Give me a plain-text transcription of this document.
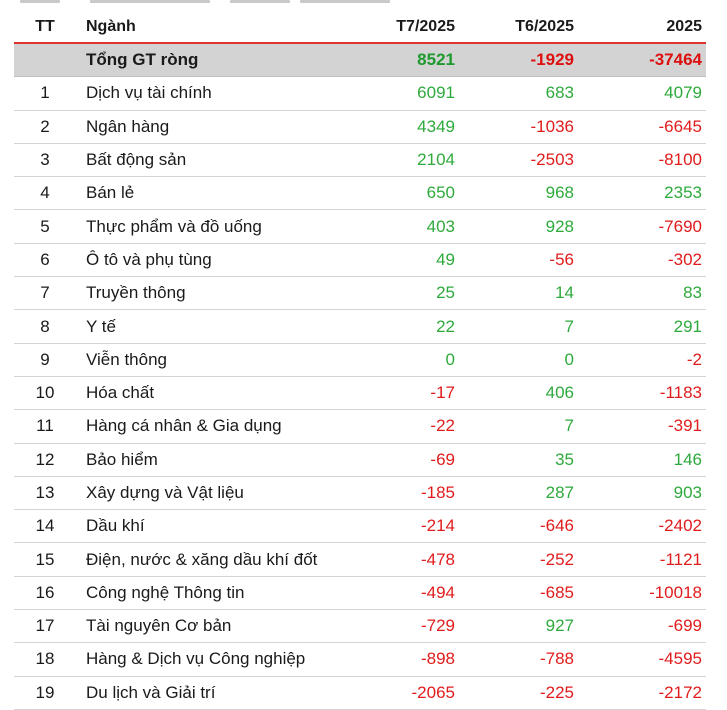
TT	Ngành	T7/2025	T6/2025	2025
	Tổng GT ròng	8521	-1929	-37464
1	Dịch vụ tài chính	6091	683	4079
2	Ngân hàng	4349	-1036	-6645
3	Bất động sản	2104	-2503	-8100
4	Bán lẻ	650	968	2353
5	Thực phẩm và đồ uống	403	928	-7690
6	Ô tô và phụ tùng	49	-56	-302
7	Truyền thông	25	14	83
8	Y tế	22	7	291
9	Viễn thông	0	0	-2
10	Hóa chất	-17	406	-1183
11	Hàng cá nhân & Gia dụng	-22	7	-391
12	Bảo hiểm	-69	35	146
13	Xây dựng và Vật liệu	-185	287	903
14	Dầu khí	-214	-646	-2402
15	Điện, nước & xăng dầu khí đốt	-478	-252	-1121
16	Công nghệ Thông tin	-494	-685	-10018
17	Tài nguyên Cơ bản	-729	927	-699
18	Hàng & Dịch vụ Công nghiệp	-898	-788	-4595
19	Du lịch và Giải trí	-2065	-225	-2172
